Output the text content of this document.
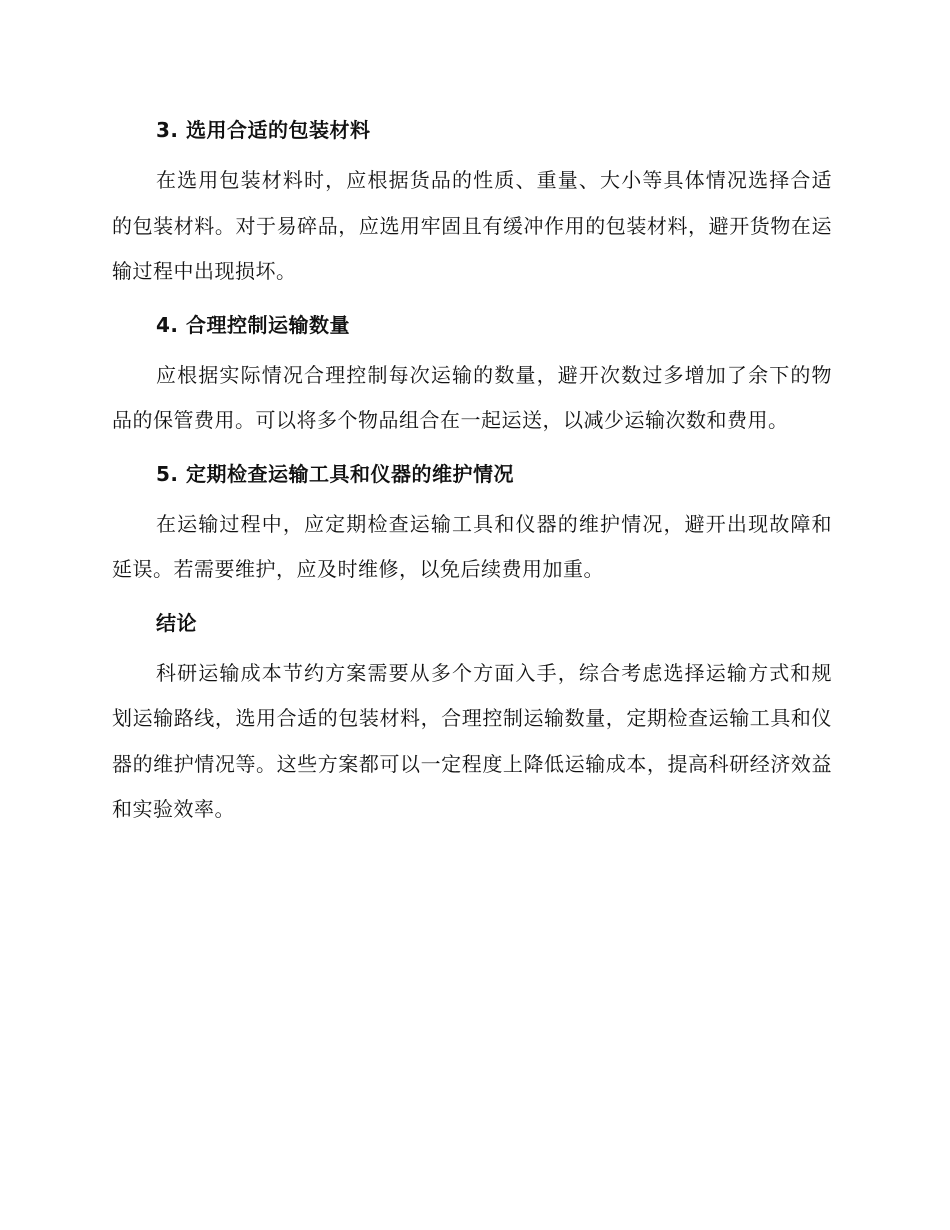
3. 选用合适的包装材料

在选用包装材料时，应根据货品的性质、重量、大小等具体情况选择合适的包装材料。对于易碎品，应选用牢固且有缓冲作用的包装材料，避开货物在运输过程中出现损坏。

4. 合理控制运输数量

应根据实际情况合理控制每次运输的数量，避开次数过多增加了余下的物品的保管费用。可以将多个物品组合在一起运送，以减少运输次数和费用。

5. 定期检查运输工具和仪器的维护情况

在运输过程中，应定期检查运输工具和仪器的维护情况，避开出现故障和延误。若需要维护，应及时维修，以免后续费用加重。

结论

科研运输成本节约方案需要从多个方面入手，综合考虑选择运输方式和规划运输路线，选用合适的包装材料，合理控制运输数量，定期检查运输工具和仪器的维护情况等。这些方案都可以一定程度上降低运输成本，提高科研经济效益和实验效率。
